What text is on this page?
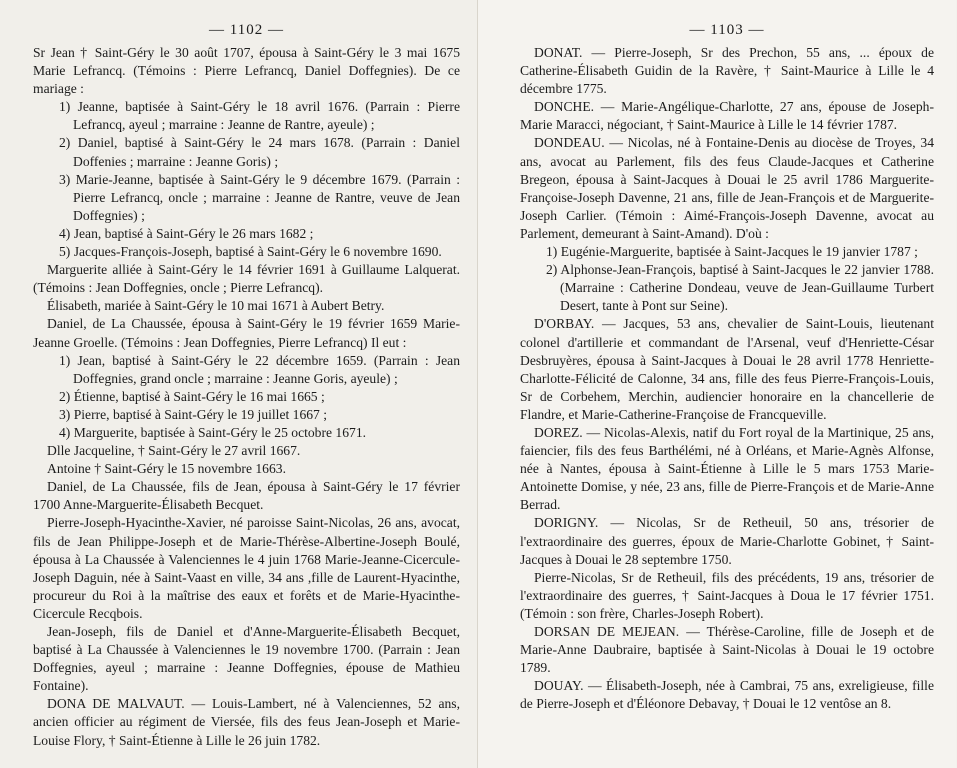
— 1102 —

Sr Jean † Saint-Géry le 30 août 1707, épousa à Saint-Géry le 3 mai 1675 Marie Lefrancq. (Témoins : Pierre Lefrancq, Daniel Doffegnies). De ce mariage :

1) Jeanne, baptisée à Saint-Géry le 18 avril 1676. (Parrain : Pierre Lefrancq, ayeul ; marraine : Jeanne de Rantre, ayeule) ;

2) Daniel, baptisé à Saint-Géry le 24 mars 1678. (Parrain : Daniel Doffenies ; marraine : Jeanne Goris) ;

3) Marie-Jeanne, baptisée à Saint-Géry le 9 décembre 1679. (Parrain : Pierre Lefrancq, oncle ; marraine : Jeanne de Rantre, veuve de Jean Doffegnies) ;

4) Jean, baptisé à Saint-Géry le 26 mars 1682 ;

5) Jacques-François-Joseph, baptisé à Saint-Géry le 6 novembre 1690.

Marguerite alliée à Saint-Géry le 14 février 1691 à Guillaume Lalquerat. (Témoins : Jean Doffegnies, oncle ; Pierre Lefrancq).

Élisabeth, mariée à Saint-Géry le 10 mai 1671 à Aubert Betry.

Daniel, de La Chaussée, épousa à Saint-Géry le 19 février 1659 Marie-Jeanne Groelle. (Témoins : Jean Doffegnies, Pierre Lefrancq) Il eut :

1) Jean, baptisé à Saint-Géry le 22 décembre 1659. (Parrain : Jean Doffegnies, grand oncle ; marraine : Jeanne Goris, ayeule) ;

2) Étienne, baptisé à Saint-Géry le 16 mai 1665 ;

3) Pierre, baptisé à Saint-Géry le 19 juillet 1667 ;

4) Marguerite, baptisée à Saint-Géry le 25 octobre 1671.

Dlle Jacqueline, † Saint-Géry le 27 avril 1667.

Antoine † Saint-Géry le 15 novembre 1663.

Daniel, de La Chaussée, fils de Jean, épousa à Saint-Géry le 17 février 1700 Anne-Marguerite-Élisabeth Becquet.

Pierre-Joseph-Hyacinthe-Xavier, né paroisse Saint-Nicolas, 26 ans, avocat, fils de Jean Philippe-Joseph et de Marie-Thérèse-Albertine-Joseph Boulé, épousa à La Chaussée à Valenciennes le 4 juin 1768 Marie-Jeanne-Cicercule-Joseph Daguin, née à Saint-Vaast en ville, 34 ans ,fille de Laurent-Hyacinthe, procureur du Roi à la maîtrise des eaux et forêts et de Marie-Hyacinthe-Cicercule Recqbois.

Jean-Joseph, fils de Daniel et d'Anne-Marguerite-Élisabeth Becquet, baptisé à La Chaussée à Valenciennes le 19 novembre 1700. (Parrain : Jean Doffegnies, ayeul ; marraine : Jeanne Doffegnies, épouse de Mathieu Fontaine).

DONA DE MALVAUT. — Louis-Lambert, né à Valenciennes, 52 ans, ancien officier au régiment de Viersée, fils des feus Jean-Joseph et Marie-Louise Flory, † Saint-Étienne à Lille le 26 juin 1782.

— 1103 —

DONAT. — Pierre-Joseph, Sr des Prechon, 55 ans, ... époux de Catherine-Élisabeth Guidin de la Ravère, † Saint-Maurice à Lille le 4 décembre 1775.

DONCHE. — Marie-Angélique-Charlotte, 27 ans, épouse de Joseph-Marie Maracci, négociant, † Saint-Maurice à Lille le 14 février 1787.

DONDEAU. — Nicolas, né à Fontaine-Denis au diocèse de Troyes, 34 ans, avocat au Parlement, fils des feus Claude-Jacques et Catherine Bregeon, épousa à Saint-Jacques à Douai le 25 avril 1786 Marguerite-Françoise-Joseph Davenne, 21 ans, fille de Jean-François et de Marguerite-Joseph Carlier. (Témoin : Aimé-François-Joseph Davenne, avocat au Parlement, demeurant à Saint-Amand). D'où :

1) Eugénie-Marguerite, baptisée à Saint-Jacques le 19 janvier 1787 ;

2) Alphonse-Jean-François, baptisé à Saint-Jacques le 22 janvier 1788. (Marraine : Catherine Dondeau, veuve de Jean-Guillaume Turbert Desert, tante à Pont sur Seine).

D'ORBAY. — Jacques, 53 ans, chevalier de Saint-Louis, lieutenant colonel d'artillerie et commandant de l'Arsenal, veuf d'Henriette-César Desbruyères, épousa à Saint-Jacques à Douai le 28 avril 1778 Henriette-Charlotte-Félicité de Calonne, 34 ans, fille des feus Pierre-François-Louis, Sr de Corbehem, Merchin, audiencier honoraire en la chancellerie de Flandre, et Marie-Catherine-Françoise de Francqueville.

DOREZ. — Nicolas-Alexis, natif du Fort royal de la Martinique, 25 ans, faiencier, fils des feus Barthélémi, né à Orléans, et Marie-Agnès Alfonse, née à Nantes, épousa à Saint-Étienne à Lille le 5 mars 1753 Marie-Antoinette Domise, y née, 23 ans, fille de Pierre-François et de Marie-Anne Berrad.

DORIGNY. — Nicolas, Sr de Retheuil, 50 ans, trésorier de l'extraordinaire des guerres, époux de Marie-Charlotte Gobinet, † Saint-Jacques à Douai le 28 septembre 1750.

Pierre-Nicolas, Sr de Retheuil, fils des précédents, 19 ans, trésorier de l'extraordinaire des guerres, † Saint-Jacques à Doua le 17 février 1751. (Témoin : son frère, Charles-Joseph Robert).

DORSAN DE MEJEAN. — Thérèse-Caroline, fille de Joseph et de Marie-Anne Daubraire, baptisée à Saint-Nicolas à Douai le 19 octobre 1789.

DOUAY. — Élisabeth-Joseph, née à Cambrai, 75 ans, exreligieuse, fille de Pierre-Joseph et d'Éléonore Debavay, † Douai le 12 ventôse an 8.
